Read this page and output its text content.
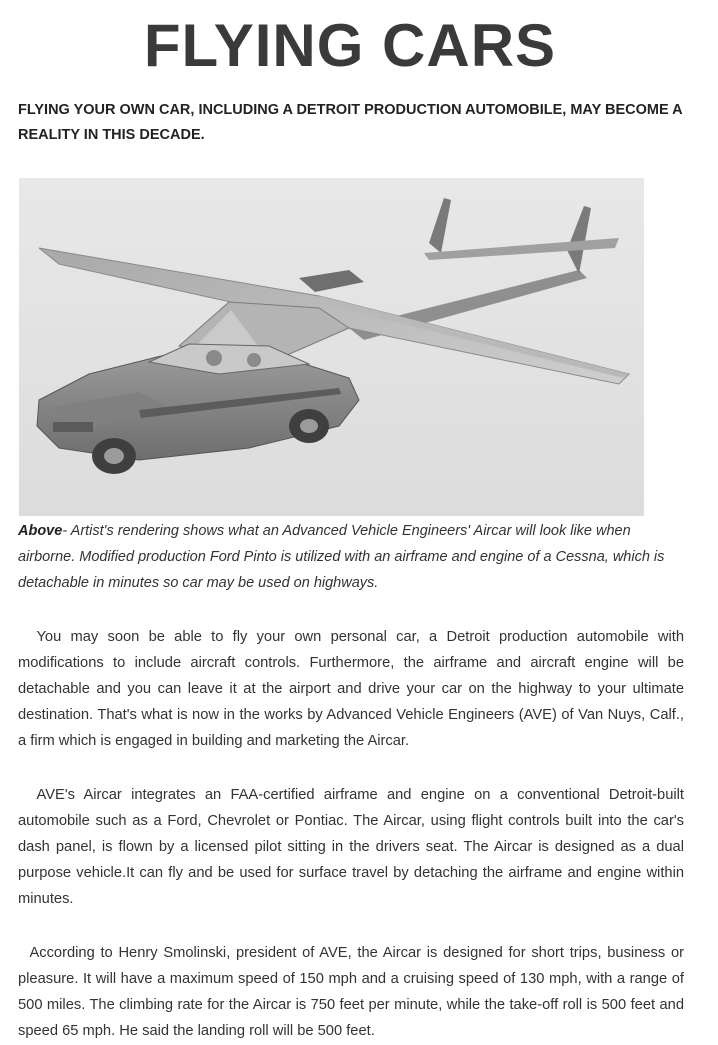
FLYING CARS

FLYING YOUR OWN CAR, INCLUDING A DETROIT PRODUCTION AUTOMOBILE, MAY BECOME A REALITY IN THIS DECADE.

Above- Artist's rendering shows what an Advanced Vehicle Engineers' Aircar will look like when airborne. Modified production Ford Pinto is utilized with an airframe and engine of a Cessna, which is detachable in minutes so car may be used on highways.

You may soon be able to fly your own personal car, a Detroit production automobile with modifications to include aircraft controls. Furthermore, the airframe and aircraft engine will be detachable and you can leave it at the airport and drive your car on the highway to your ultimate destination. That's what is now in the works by Advanced Vehicle Engineers (AVE) of Van Nuys, Calf., a firm which is engaged in building and marketing the Aircar.

AVE's Aircar integrates an FAA-certified airframe and engine on a conventional Detroit-built automobile such as a Ford, Chevrolet or Pontiac. The Aircar, using flight controls built into the car's dash panel, is flown by a licensed pilot sitting in the drivers seat. The Aircar is designed as a dual purpose vehicle.It can fly and be used for surface travel by detaching the airframe and engine within minutes.

According to Henry Smolinski, president of AVE, the Aircar is designed for short trips, business or pleasure. It will have a maximum speed of 150 mph and a cruising speed of 130 mph, with a range of 500 miles. The climbing rate for the Aircar is 750 feet per minute, while the take-off roll is 500 feet and speed 65 mph. He said the landing roll will be 500 feet.
